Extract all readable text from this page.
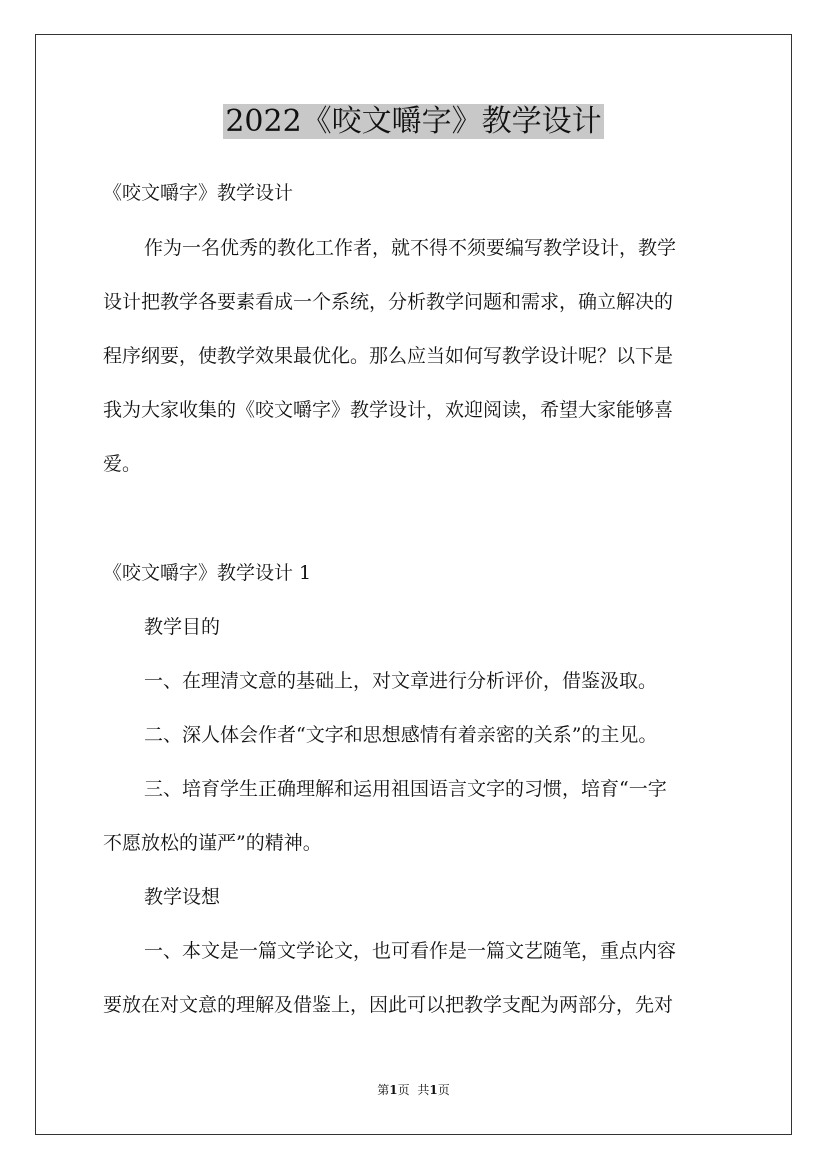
2022《咬文嚼字》教学设计

《咬文嚼字》教学设计

作为一名优秀的教化工作者，就不得不须要编写教学设计，教学

设计把教学各要素看成一个系统，分析教学问题和需求，确立解决的

程序纲要，使教学效果最优化。那么应当如何写教学设计呢？以下是

我为大家收集的《咬文嚼字》教学设计，欢迎阅读，希望大家能够喜

爱。

《咬文嚼字》教学设计 1

教学目的

一、在理清文意的基础上，对文章进行分析评价，借鉴汲取。

二、深人体会作者“文字和思想感情有着亲密的关系”的主见。

三、培育学生正确理解和运用祖国语言文字的习惯，培育“一字

不愿放松的谨严”的精神。

教学设想

一、本文是一篇文学论文，也可看作是一篇文艺随笔，重点内容

要放在对文意的理解及借鉴上，因此可以把教学支配为两部分，先对

第1页 共1页
